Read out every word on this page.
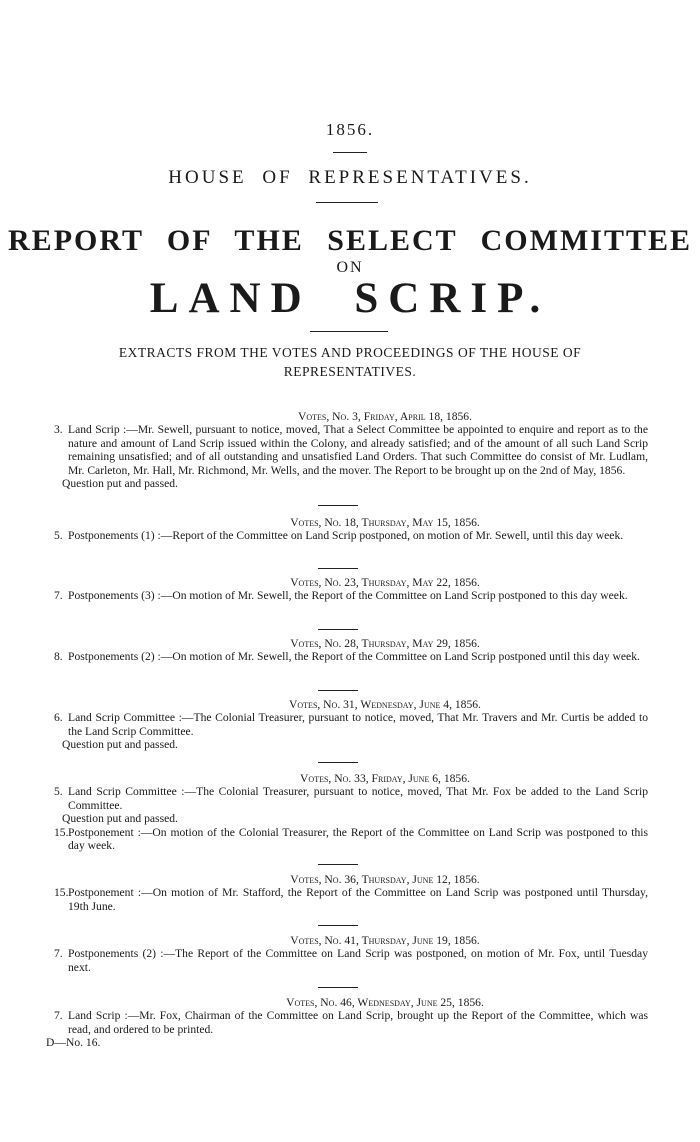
1856.
HOUSE OF REPRESENTATIVES.
REPORT OF THE SELECT COMMITTEE
ON
LAND SCRIP.
EXTRACTS FROM THE VOTES AND PROCEEDINGS OF THE HOUSE OF
REPRESENTATIVES.
Votes, No. 3, Friday, April 18, 1856.
3. Land Scrip :—Mr. Sewell, pursuant to notice, moved, That a Select Committee be appointed to enquire and report as to the nature and amount of Land Scrip issued within the Colony, and already satisfied; and of the amount of all such Land Scrip remaining unsatisfied; and of all outstanding and unsatisfied Land Orders. That such Committee do consist of Mr. Ludlam, Mr. Carleton, Mr. Hall, Mr. Richmond, Mr. Wells, and the mover. The Report to be brought up on the 2nd of May, 1856.
Question put and passed.
Votes, No. 18, Thursday, May 15, 1856.
5. Postponements (1) :—Report of the Committee on Land Scrip postponed, on motion of Mr. Sewell, until this day week.
Votes, No. 23, Thursday, May 22, 1856.
7. Postponements (3) :—On motion of Mr. Sewell, the Report of the Committee on Land Scrip postponed to this day week.
Votes, No. 28, Thursday, May 29, 1856.
8. Postponements (2) :—On motion of Mr. Sewell, the Report of the Committee on Land Scrip postponed until this day week.
Votes, No. 31, Wednesday, June 4, 1856.
6. Land Scrip Committee :—The Colonial Treasurer, pursuant to notice, moved, That Mr. Travers and Mr. Curtis be added to the Land Scrip Committee.
Question put and passed.
Votes, No. 33, Friday, June 6, 1856.
5. Land Scrip Committee :—The Colonial Treasurer, pursuant to notice, moved, That Mr. Fox be added to the Land Scrip Committee.
Question put and passed.
15.Postponement :—On motion of the Colonial Treasurer, the Report of the Committee on Land Scrip was postponed to this day week.
Votes, No. 36, Thursday, June 12, 1856.
15.Postponement :—On motion of Mr. Stafford, the Report of the Committee on Land Scrip was postponed until Thursday, 19th June.
Votes, No. 41, Thursday, June 19, 1856.
7. Postponements (2) :—The Report of the Committee on Land Scrip was postponed, on motion of Mr. Fox, until Tuesday next.
Votes, No. 46, Wednesday, June 25, 1856.
7. Land Scrip :—Mr. Fox, Chairman of the Committee on Land Scrip, brought up the Report of the Committee, which was read, and ordered to be printed.
D—No. 16.
